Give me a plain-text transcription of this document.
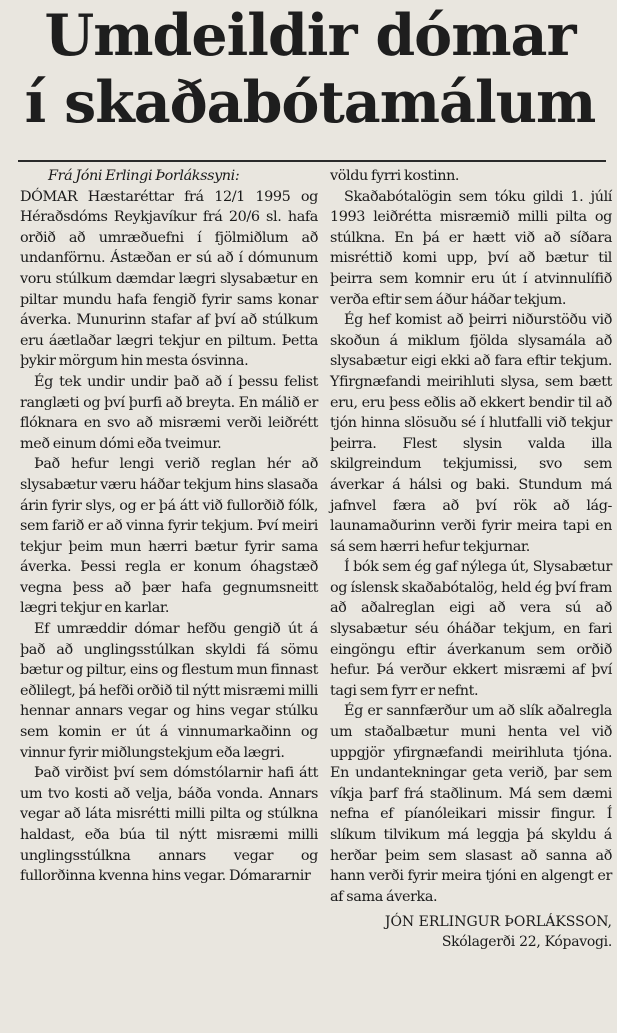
Umdeildir dómar
í skaðabótamálum

Frá Jóni Erlingi Þorlákssyni:

DÓMAR Hæstaréttar frá 12/1 1995 og Héraðsdóms Reykjavíkur frá 20/6 sl. hafa orðið að umræðuefni í fjölmiðlum að undanförnu. Ástæðan er sú að í dómunum voru stúlkum dæmdar lægri slysabætur en piltar mundu hafa fengið fyrir sams konar áverka. Munurinn stafar af því að stúlkum eru áætlaðar lægri tekjur en piltum. Þetta þykir mörgum hin mesta ósvinna.

Ég tek undir undir það að í þessu felist ranglæti og því þurfi að breyta. En málið er flóknara en svo að misræmi verði leiðrétt með einum dómi eða tveimur.

Það hefur lengi verið reglan hér að slysabætur væru háðar tekjum hins slasaða árin fyrir slys, og er þá átt við fullorðið fólk, sem farið er að vinna fyrir tekjum. Því meiri tekjur þeim mun hærri bætur fyrir sama áverka. Þessi regla er konum óhagstæð vegna þess að þær hafa gegnumsneitt lægri tekjur en karlar.

Ef umræddir dómar hefðu gengið út á það að unglingsstúlkan skyldi fá sömu bætur og piltur, eins og flestum mun finnast eðlilegt, þá hefði orðið til nýtt misræmi milli hennar annars vegar og hins vegar stúlku sem komin er út á vinnumarkaðinn og vinnur fyrir miðlungstekjum eða lægri.

Það virðist því sem dómstólarnir hafi átt um tvo kosti að velja, báða vonda. Annars vegar að láta misrétti milli pilta og stúlkna haldast, eða búa til nýtt misræmi milli unglingsstúlkna annars vegar og fullorðinna kvenna hins vegar. Dómararnir

völdu fyrri kostinn.

Skaðabótalögin sem tóku gildi 1. júlí 1993 leiðrétta misræmið milli pilta og stúlkna. En þá er hætt við að síðara misréttið komi upp, því að bætur til þeirra sem komnir eru út í atvinnulífið verða eftir sem áður háðar tekjum.

Ég hef komist að þeirri niðurstöðu við skoðun á miklum fjölda slysamála að slysabætur eigi ekki að fara eftir tekjum. Yfirgnæfandi meirihluti slysa, sem bætt eru, eru þess eðlis að ekkert bendir til að tjón hinna slösuðu sé í hlutfalli við tekjur þeirra. Flest slysin valda illa skilgreindum tekjumissi, svo sem áverkar á hálsi og baki. Stundum má jafnvel færa að því rök að lág-launamaðurinn verði fyrir meira tapi en sá sem hærri hefur tekjurnar.

Í bók sem ég gaf nýlega út, Slysabætur og íslensk skaðabótalög, held ég því fram að aðalreglan eigi að vera sú að slysabætur séu óháðar tekjum, en fari eingöngu eftir áverkanum sem orðið hefur. Þá verður ekkert misræmi af því tagi sem fyrr er nefnt.

Ég er sannfærður um að slík aðalregla um staðalbætur muni henta vel við uppgjör yfirgnæfandi meirihluta tjóna. En undantekningar geta verið, þar sem víkja þarf frá staðlinum. Má sem dæmi nefna ef píanóleikari missir fingur. Í slíkum tilvikum má leggja þá skyldu á herðar þeim sem slasast að sanna að hann verði fyrir meira tjóni en algengt er af sama áverka.

JÓN ERLINGUR ÞORLÁKSSON,
Skólagerði 22, Kópavogi.
